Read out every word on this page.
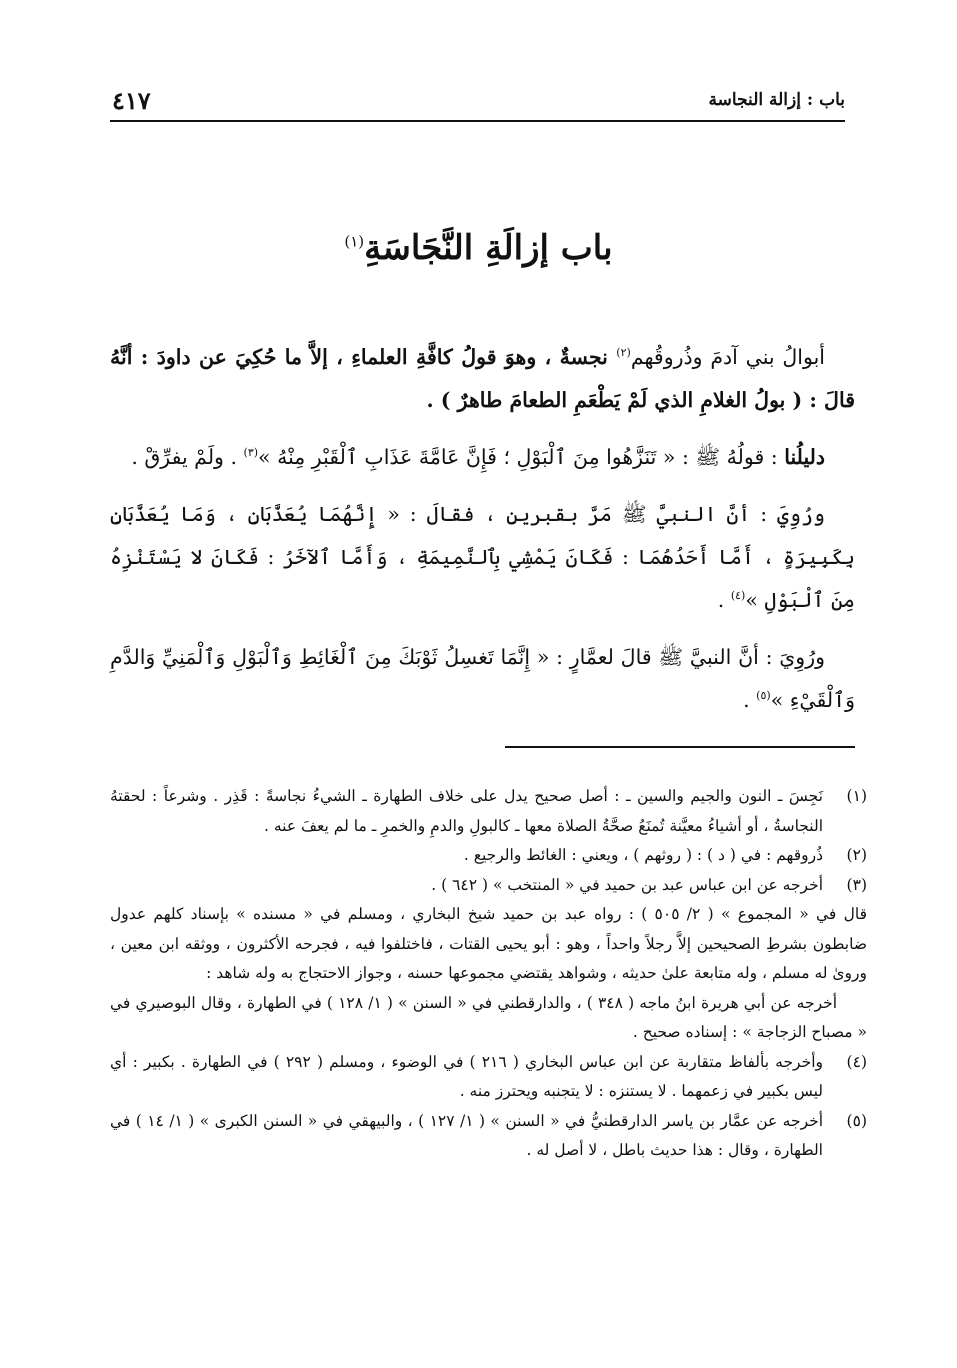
باب : إزالة النجاسة
٤١٧
باب إزالَةِ النَّجَاسَةِ$^{(١)}$

أبوالُ بني آدمَ وذُروقُهم$^{(٢)}$ نجسةٌ ، وهوَ قولُ كافَّةِ العلماءِ ، إلاَّ ما حُكِيَ عن داودَ : أنَّهُ قالَ : ( بولُ الغلامِ الذي لَمْ يَطْعَمِ الطعامَ طاهرٌ ) .

دليلُنا : قولُهُ ﷺ : « تَنَزَّهُوا مِنَ ٱلْبَوْلِ ؛ فَإِنَّ عَامَّةَ عَذَابِ ٱلْقَبْرِ مِنْهُ »$^{(٣)}$ . ولَمْ يفرِّقْ .

ورُوِيَ : أنَّ النبيَّ ﷺ مَرَّ بقبرينِ ، فقالَ : « إِنَّهُمَا يُعَذَّبَانِ ، وَمَا يُعَذَّبَانِ بِكَبِيرَةٍ ، أَمَّا أَحَدُهُمَا : فَكَانَ يَمْشِي بِٱلنَّمِيمَةِ ، وَأَمَّا ٱلآخَرُ : فَكَانَ لا يَسْتَنْزِهُ مِنَ ٱلْبَوْلِ »$^{(٤)}$ .

ورُوِيَ : أنَّ النبيَّ ﷺ قالَ لعمَّارٍ : « إِنَّمَا تَغسِلُ ثَوْبَكَ مِنَ ٱلْغَائِطِ وَٱلْبَوْلِ وَٱلْمَنِيِّ وَالدَّمِ وَٱلْقَيْءِ »$^{(٥)}$ .

(١)
نَجِسَ ـ النون والجيم والسين ـ : أصل صحيح يدل على خلاف الطهارة ـ الشيءُ نجاسةً : قَذِر . وشرعاً : لحقتهُ النجاسةُ ، أو أشياءُ معيَّنة تُمنَعُ صحَّةُ الصلاة معها ـ كالبولِ والدمِ والخمرِ ـ ما لم يعفَ عنه .
(٢)
ذُروقهم : في ( د ) : ( روثهم ) ، ويعني : الغائط والرجيع .
(٣)
أخرجه عن ابن عباس عبد بن حميد في « المنتخب » ( ٦٤٢ ) .
قال في « المجموع » ( ٢/ ٥٠٥ ) : رواه عبد بن حميد شيخ البخاري ، ومسلم في « مسنده » بإسناد كلهم عدول ضابطون بشرطِ الصحيحين إلاَّ رجلاً واحداً ، وهو : أبو يحيى القتات ، فاختلفوا فيه ، فجرحه الأكثرون ، ووثقه ابن معين ، وروىٰ له مسلم ، وله متابعة علىٰ حديثه ، وشواهد يقتضي مجموعها حسنه ، وجواز الاحتجاج به وله شاهد :
أخرجه عن أبي هريرة ابنُ ماجه ( ٣٤٨ ) ، والدارقطني في « السنن » ( ١/ ١٢٨ ) في الطهارة ، وقال البوصيري في « مصباح الزجاجة » : إسناده صحيح .
(٤)
وأخرجه بألفاظ متقاربة عن ابن عباس البخاري ( ٢١٦ ) في الوضوء ، ومسلم ( ٢٩٢ ) في الطهارة . بكبير : أي ليس بكبير في زعمهما . لا يستنزه : لا يتجنبه ويحترز منه .
(٥)
أخرجه عن عمَّار بن ياسر الدارقطنيُّ في « السنن » ( ١/ ١٢٧ ) ، والبيهقي في « السنن الكبرى » ( ١/ ١٤ ) في الطهارة ، وقال : هذا حديث باطل ، لا أصل له .
